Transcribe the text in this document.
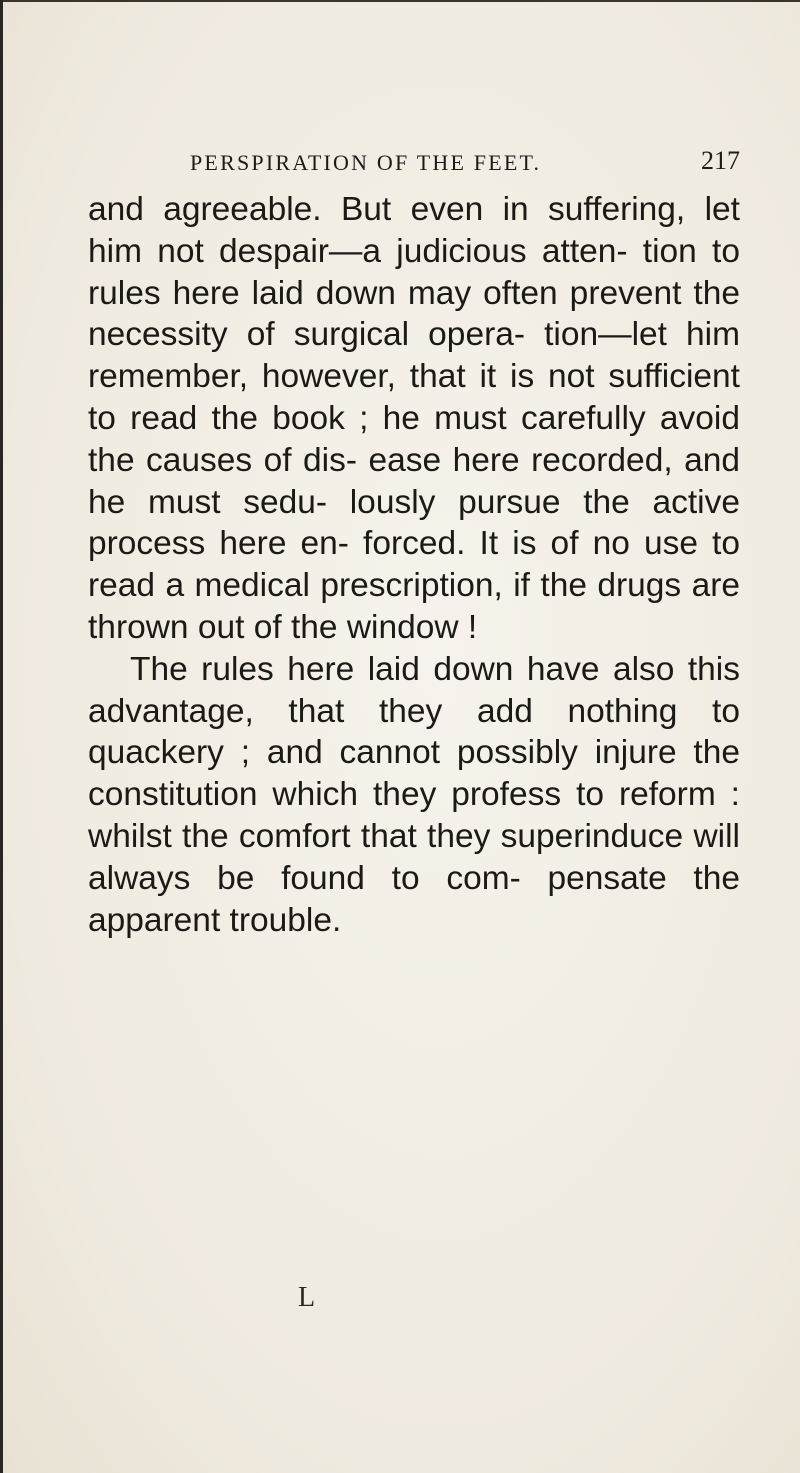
PERSPIRATION OF THE FEET.	217

and agreeable. But even in suffering, let him not despair—a judicious atten- tion to rules here laid down may often prevent the necessity of surgical opera- tion—let him remember, however, that it is not sufficient to read the book ; he must carefully avoid the causes of dis- ease here recorded, and he must sedu- lously pursue the active process here en- forced. It is of no use to read a medical prescription, if the drugs are thrown out of the window !

The rules here laid down have also this advantage, that they add nothing to quackery ; and cannot possibly injure the constitution which they profess to reform : whilst the comfort that they superinduce will always be found to com- pensate the apparent trouble.

L
